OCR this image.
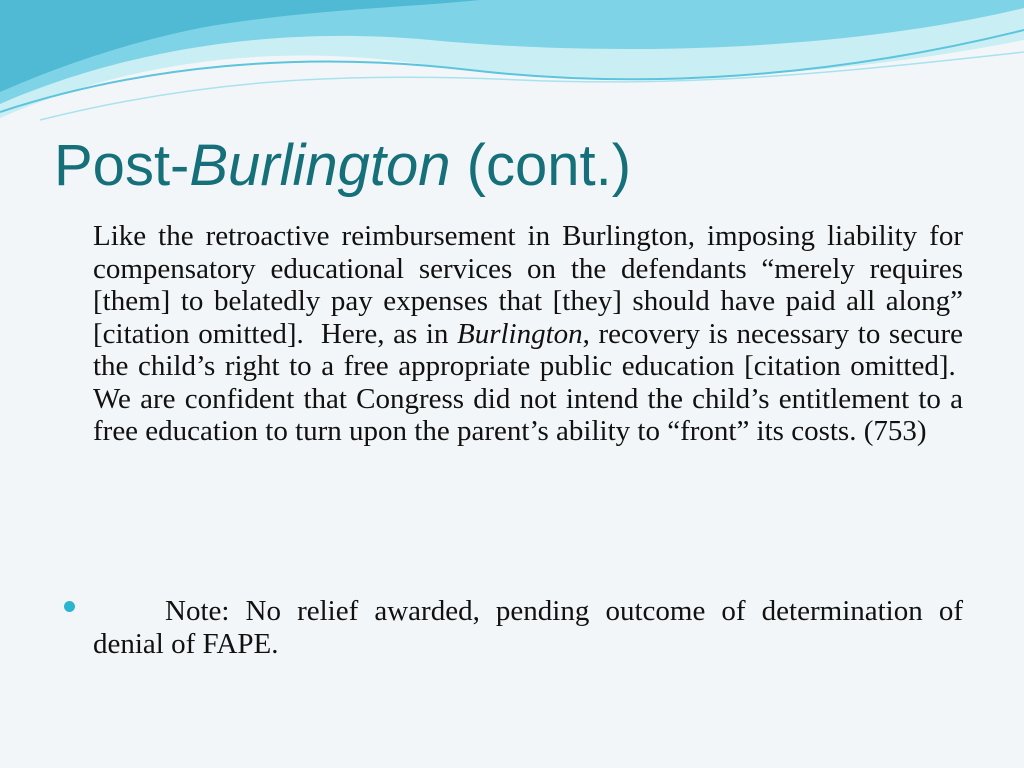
Post-Burlington (cont.)

Like the retroactive reimbursement in Burlington, imposing liability for compensatory educational services on the defendants “merely requires [them] to belatedly pay expenses that [they] should have paid all along” [citation omitted].  Here, as in Burlington, recovery is necessary to secure the child’s right to a free appropriate public education [citation omitted].  We are confident that Congress did not intend the child’s entitlement to a free education to turn upon the parent’s ability to “front” its costs. (753)

Note: No relief awarded, pending outcome of determination of denial of FAPE.
